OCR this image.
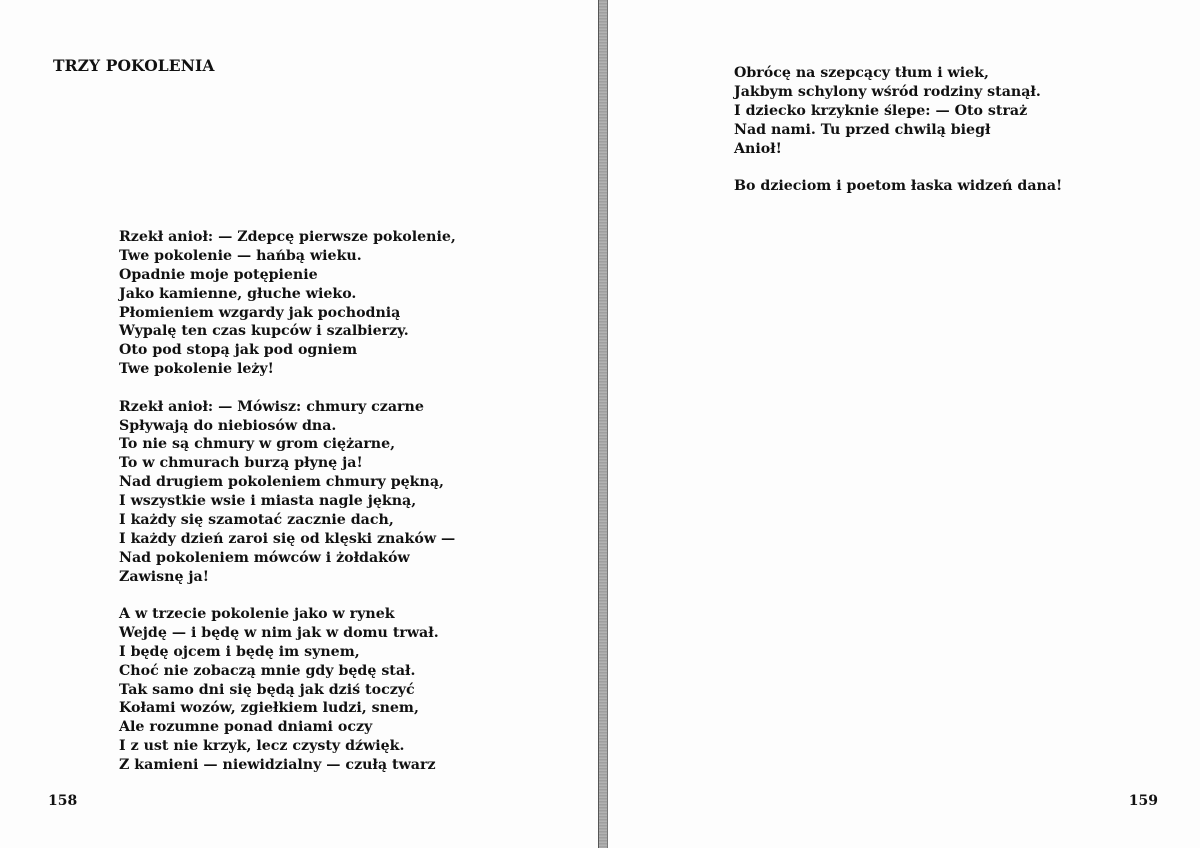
TRZY POKOLENIA
Rzekł anioł: — Zdepcę pierwsze pokolenie,
Twe pokolenie — hańbą wieku.
Opadnie moje potępienie
Jako kamienne, głuche wieko.
Płomieniem wzgardy jak pochodnią
Wypalę ten czas kupców i szalbierzy.
Oto pod stopą jak pod ogniem
Twe pokolenie leży!
Rzekł anioł: — Mówisz: chmury czarne
Spływają do niebiosów dna.
To nie są chmury w grom ciężarne,
To w chmurach burzą płynę ja!
Nad drugiem pokoleniem chmury pękną,
I wszystkie wsie i miasta nagle jękną,
I każdy się szamotać zacznie dach,
I każdy dzień zaroi się od klęski znaków —
Nad pokoleniem mówców i żołdaków
Zawisnę ja!
A w trzecie pokolenie jako w rynek
Wejdę — i będę w nim jak w domu trwał.
I będę ojcem i będę im synem,
Choć nie zobaczą mnie gdy będę stał.
Tak samo dni się będą jak dziś toczyć
Kołami wozów, zgiełkiem ludzi, snem,
Ale rozumne ponad dniami oczy
I z ust nie krzyk, lecz czysty dźwięk.
Z kamieni — niewidzialny — czułą twarz
158
Obrócę na szepcący tłum i wiek,
Jakbym schylony wśród rodziny stanął.
I dziecko krzyknie ślepe: — Oto straż
Nad nami. Tu przed chwilą biegł
Anioł!
Bo dzieciom i poetom łaska widzeń dana!
159
